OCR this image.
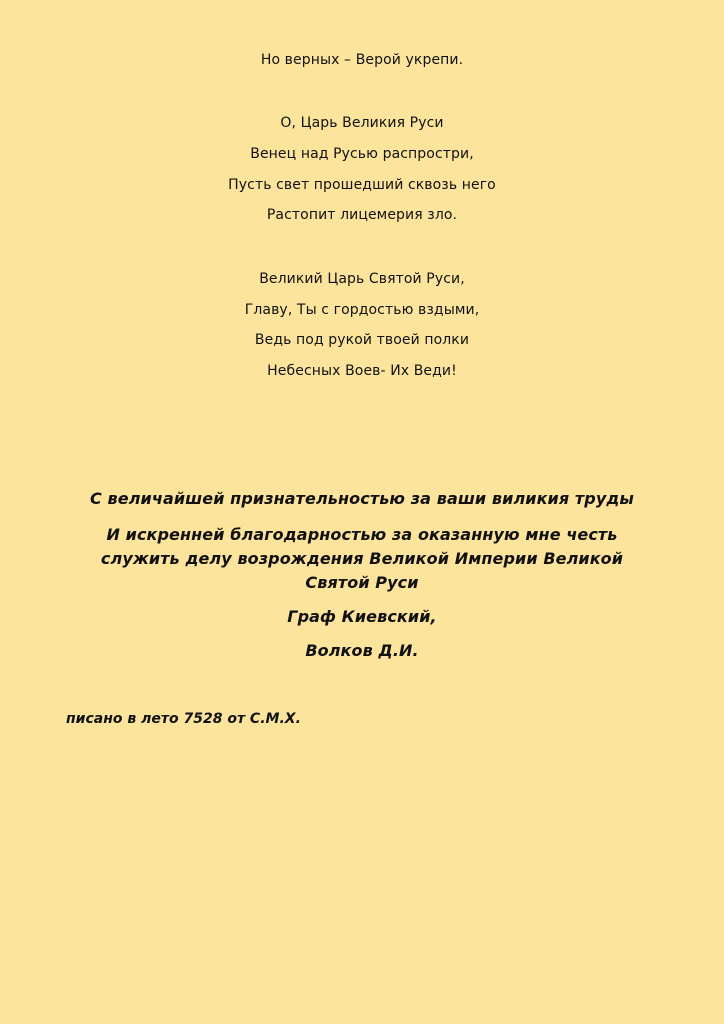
Но верных – Верой укрепи.
О, Царь Великия Руси
Венец над Русью распростри,
Пусть свет прошедший сквозь него
Растопит лицемерия зло.
Великий Царь Святой Руси,
Главу, Ты с гордостью вздыми,
Ведь под рукой твоей полки
Небесных Воев- Их Веди!
С величайшей признательностью за ваши виликия труды
И искренней благодарностью за оказанную мне честь
служить делу возрождения Великой Империи Великой
Святой Руси
Граф Киевский,
Волков Д.И.
писано в лето 7528 от С.М.Х.
